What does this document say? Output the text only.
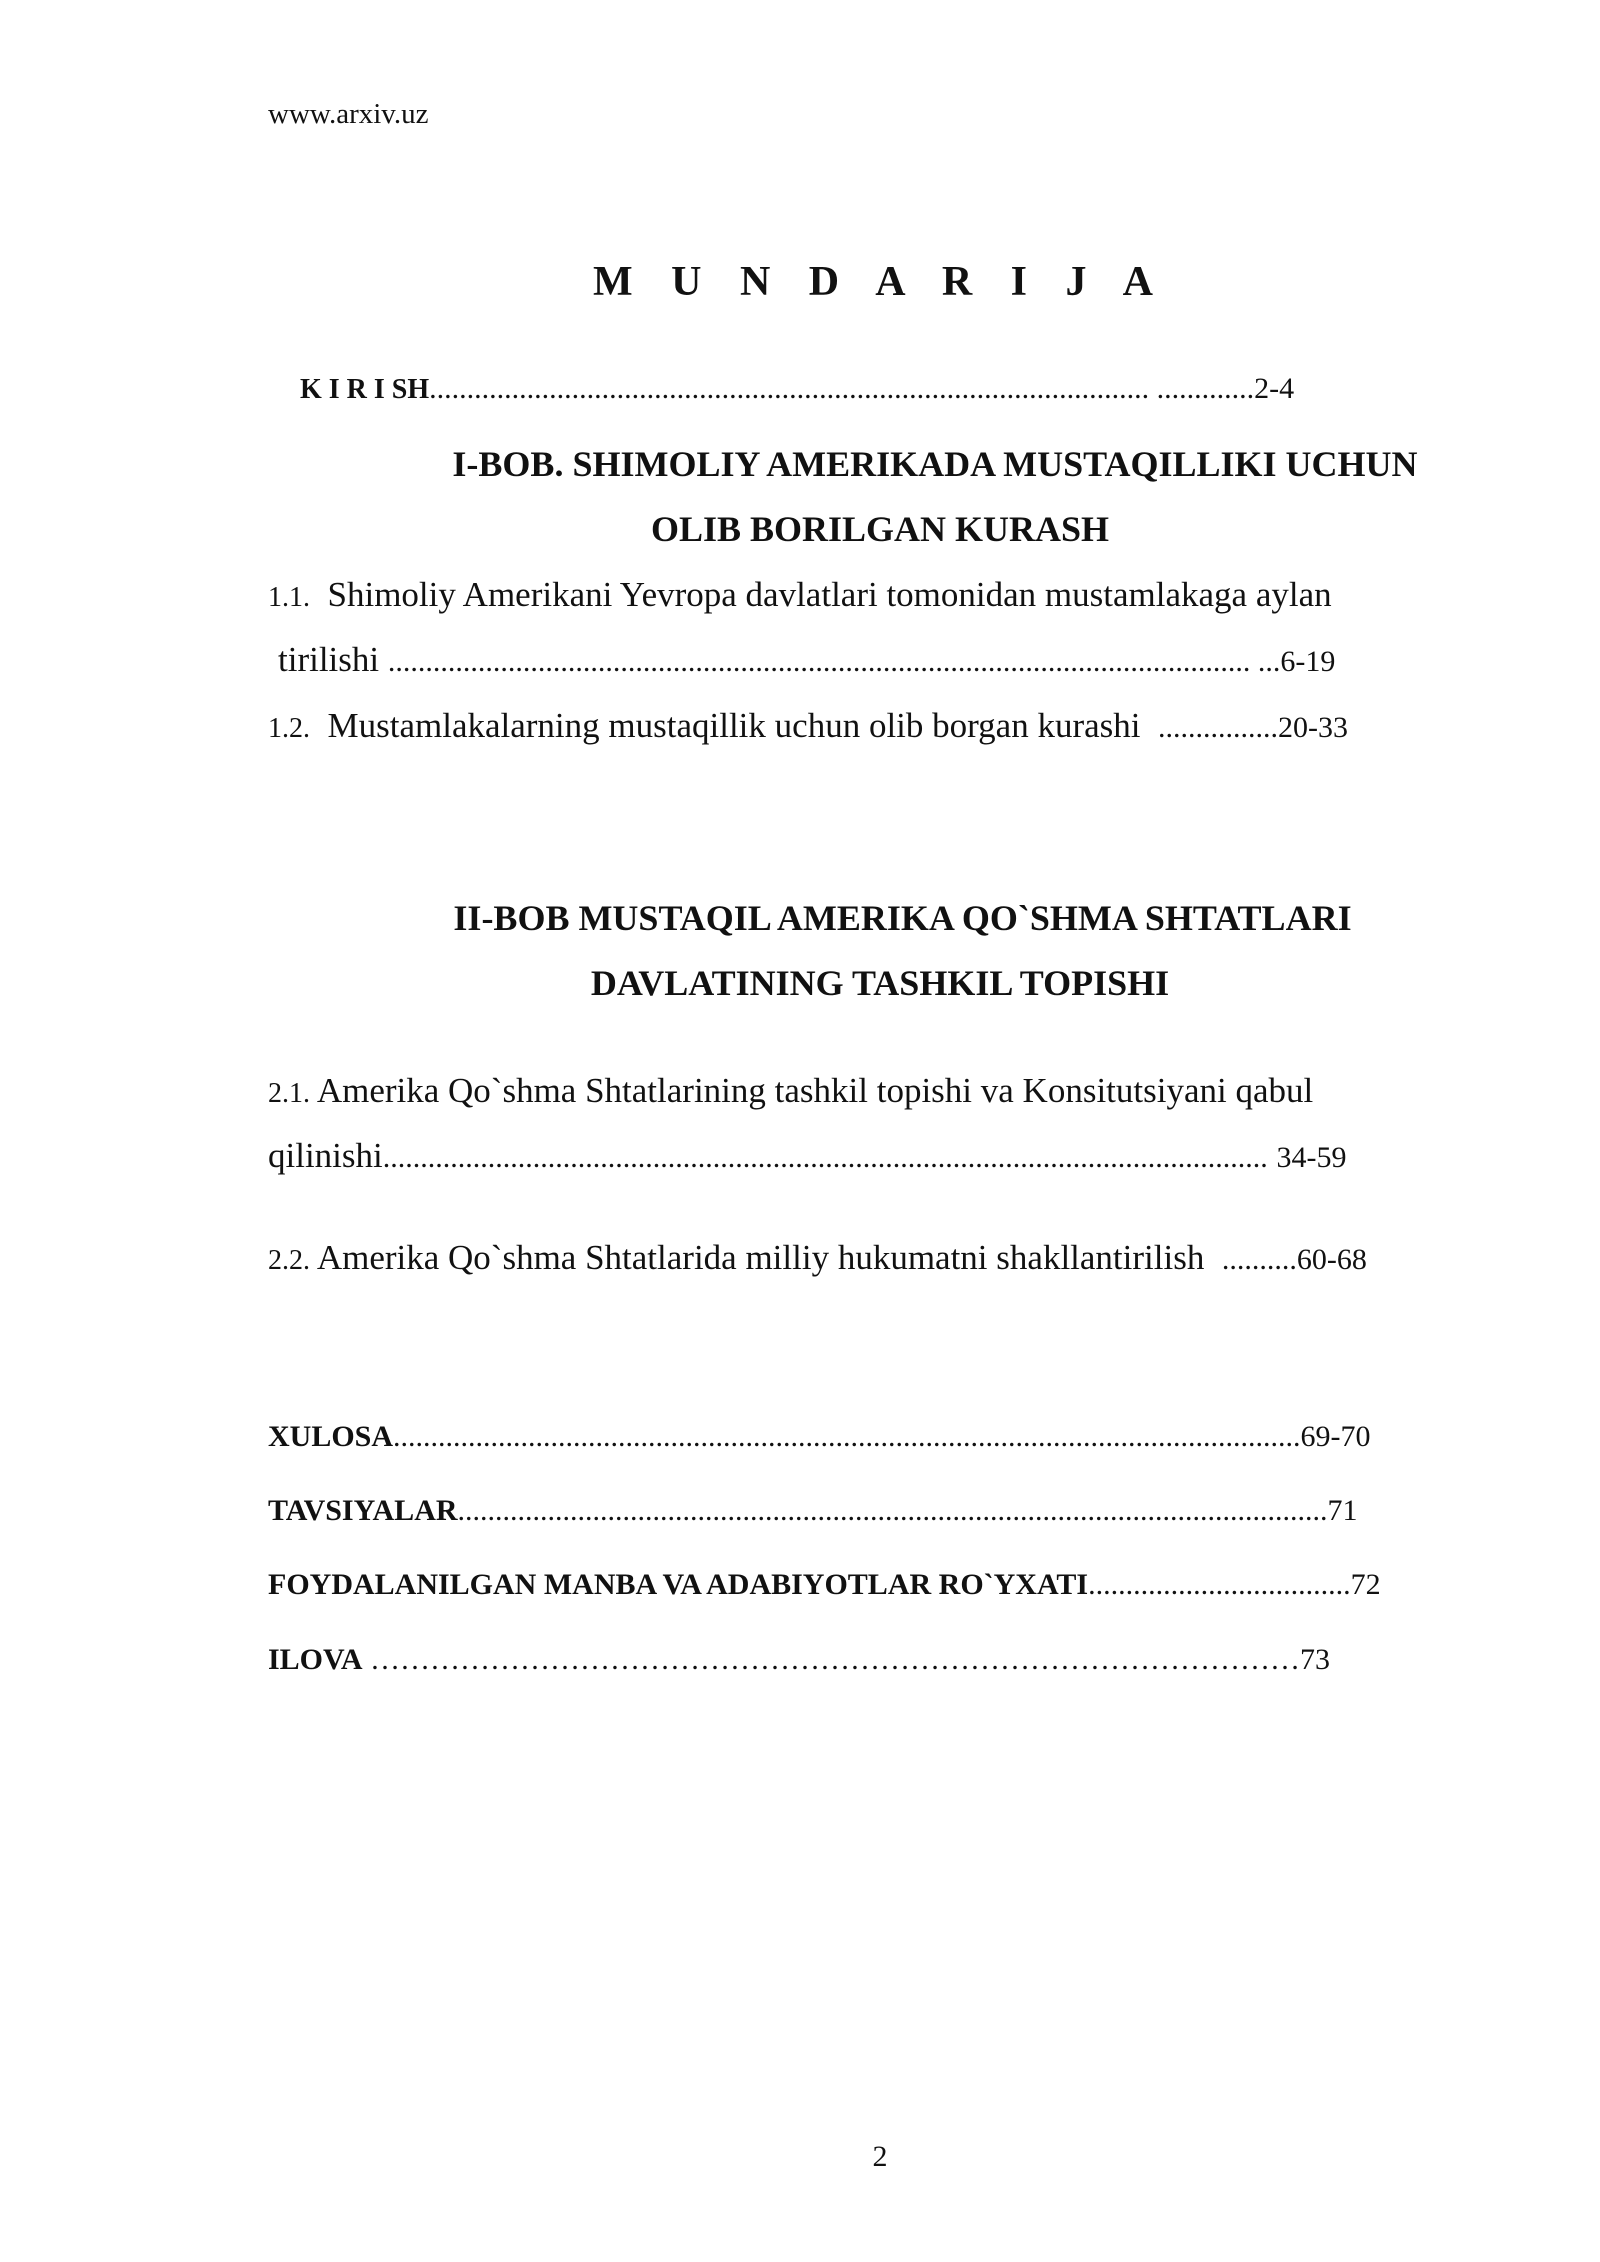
www.arxiv.uz
M U N D A R I J A
K I R I SH................................................................................................ .............2-4
I-BOB. SHIMOLIY AMERIKADA MUSTAQILLIKI UCHUN
OLIB BORILGAN KURASH
1.1. Shimoliy Amerikani Yevropa davlatlari tomonidan mustamlakaga aylan
tirilishi ................................................................................................................... ...6-19
1.2. Mustamlakalarning mustaqillik uchun olib borgan kurashi ................20-33
II-BOB MUSTAQIL AMERIKA QO`SHMA SHTATLARI
DAVLATINING TASHKIL TOPISHI
2.1. Amerika Qo`shma Shtatlarining tashkil topishi va Konsitutsiyani qabul
qilinishi...................................................................................................................... 34-59
2.2. Amerika Qo`shma Shtatlarida milliy hukumatni shakllantirilish ..........60-68
XULOSA.........................................................................................................................69-70
TAVSIYALAR....................................................................................................................71
FOYDALANILGAN MANBA VA ADABIYOTLAR RO`YXATI...................................72
ILOVA …………………………………………………………………………………73
2
